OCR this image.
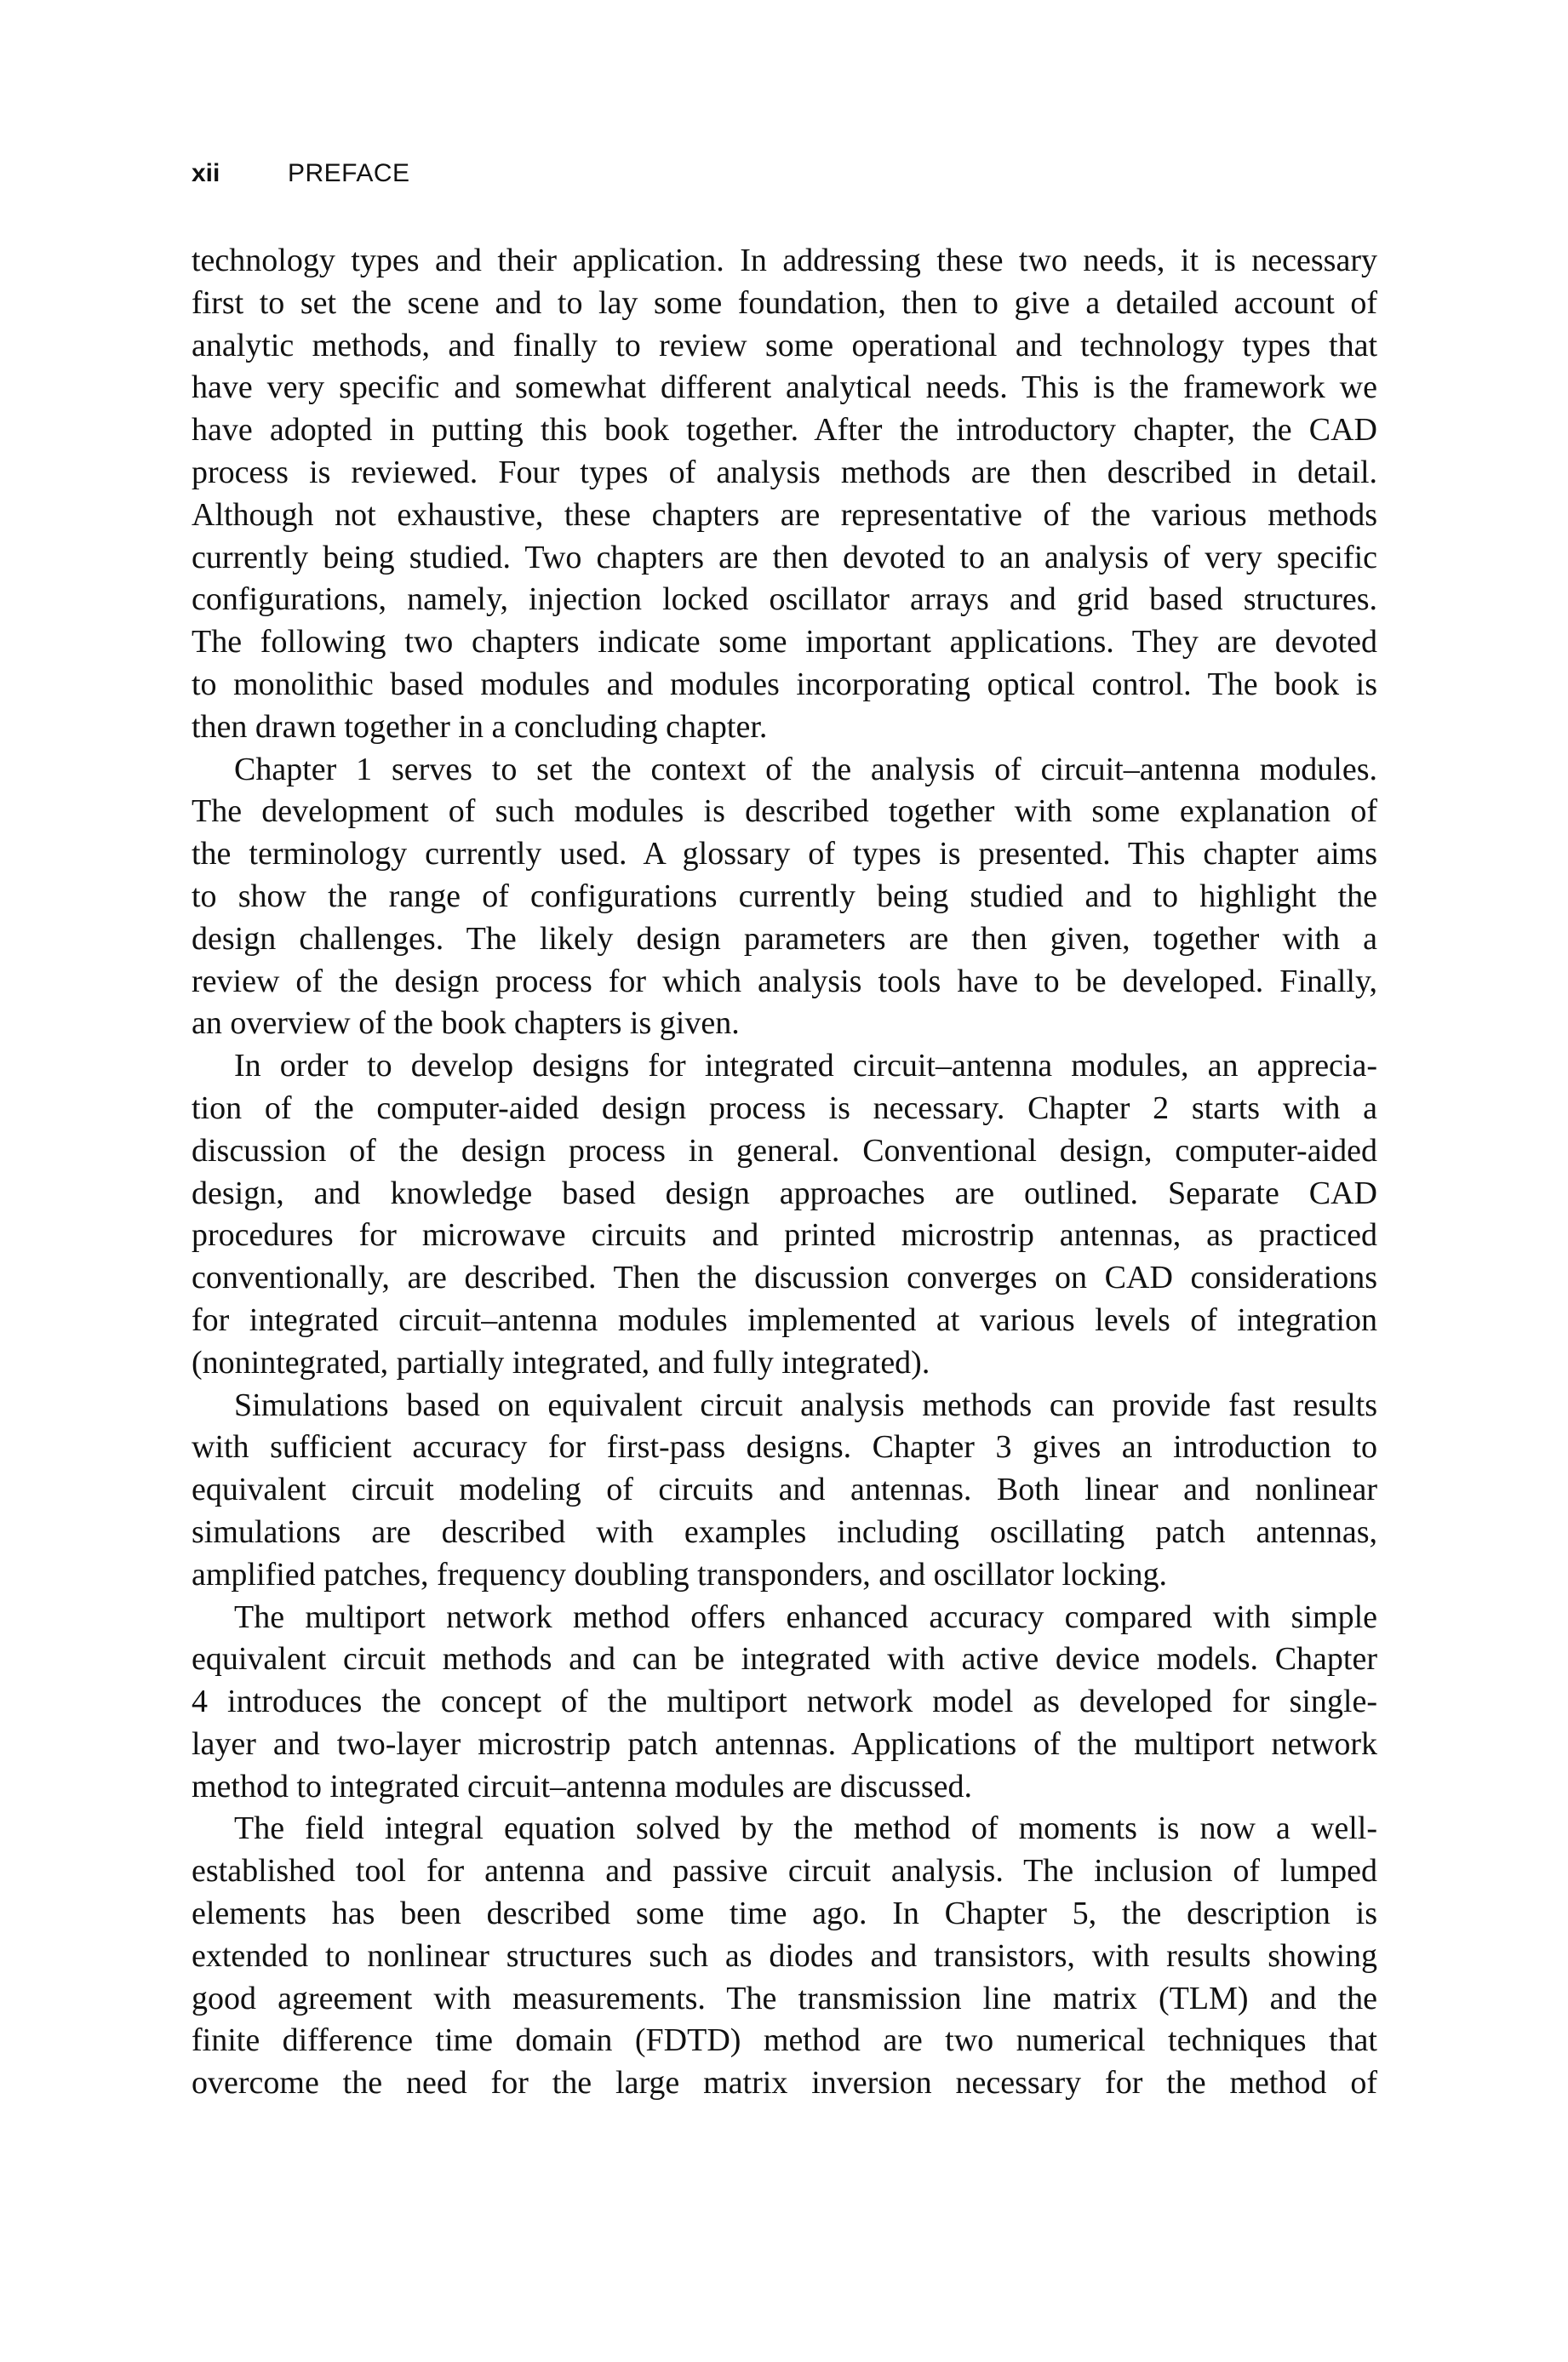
xii	PREFACE
technology types and their application. In addressing these two needs, it is necessary
first to set the scene and to lay some foundation, then to give a detailed account of
analytic methods, and finally to review some operational and technology types that
have very specific and somewhat different analytical needs. This is the framework we
have adopted in putting this book together. After the introductory chapter, the CAD
process is reviewed. Four types of analysis methods are then described in detail.
Although not exhaustive, these chapters are representative of the various methods
currently being studied. Two chapters are then devoted to an analysis of very specific
configurations, namely, injection locked oscillator arrays and grid based structures.
The following two chapters indicate some important applications. They are devoted
to monolithic based modules and modules incorporating optical control. The book is
then drawn together in a concluding chapter.
Chapter 1 serves to set the context of the analysis of circuit–antenna modules.
The development of such modules is described together with some explanation of
the terminology currently used. A glossary of types is presented. This chapter aims
to show the range of configurations currently being studied and to highlight the
design challenges. The likely design parameters are then given, together with a
review of the design process for which analysis tools have to be developed. Finally,
an overview of the book chapters is given.
In order to develop designs for integrated circuit–antenna modules, an apprecia-
tion of the computer-aided design process is necessary. Chapter 2 starts with a
discussion of the design process in general. Conventional design, computer-aided
design, and knowledge based design approaches are outlined. Separate CAD
procedures for microwave circuits and printed microstrip antennas, as practiced
conventionally, are described. Then the discussion converges on CAD considerations
for integrated circuit–antenna modules implemented at various levels of integration
(nonintegrated, partially integrated, and fully integrated).
Simulations based on equivalent circuit analysis methods can provide fast results
with sufficient accuracy for first-pass designs. Chapter 3 gives an introduction to
equivalent circuit modeling of circuits and antennas. Both linear and nonlinear
simulations are described with examples including oscillating patch antennas,
amplified patches, frequency doubling transponders, and oscillator locking.
The multiport network method offers enhanced accuracy compared with simple
equivalent circuit methods and can be integrated with active device models. Chapter
4 introduces the concept of the multiport network model as developed for single-
layer and two-layer microstrip patch antennas. Applications of the multiport network
method to integrated circuit–antenna modules are discussed.
The field integral equation solved by the method of moments is now a well-
established tool for antenna and passive circuit analysis. The inclusion of lumped
elements has been described some time ago. In Chapter 5, the description is
extended to nonlinear structures such as diodes and transistors, with results showing
good agreement with measurements. The transmission line matrix (TLM) and the
finite difference time domain (FDTD) method are two numerical techniques that
overcome the need for the large matrix inversion necessary for the method of
